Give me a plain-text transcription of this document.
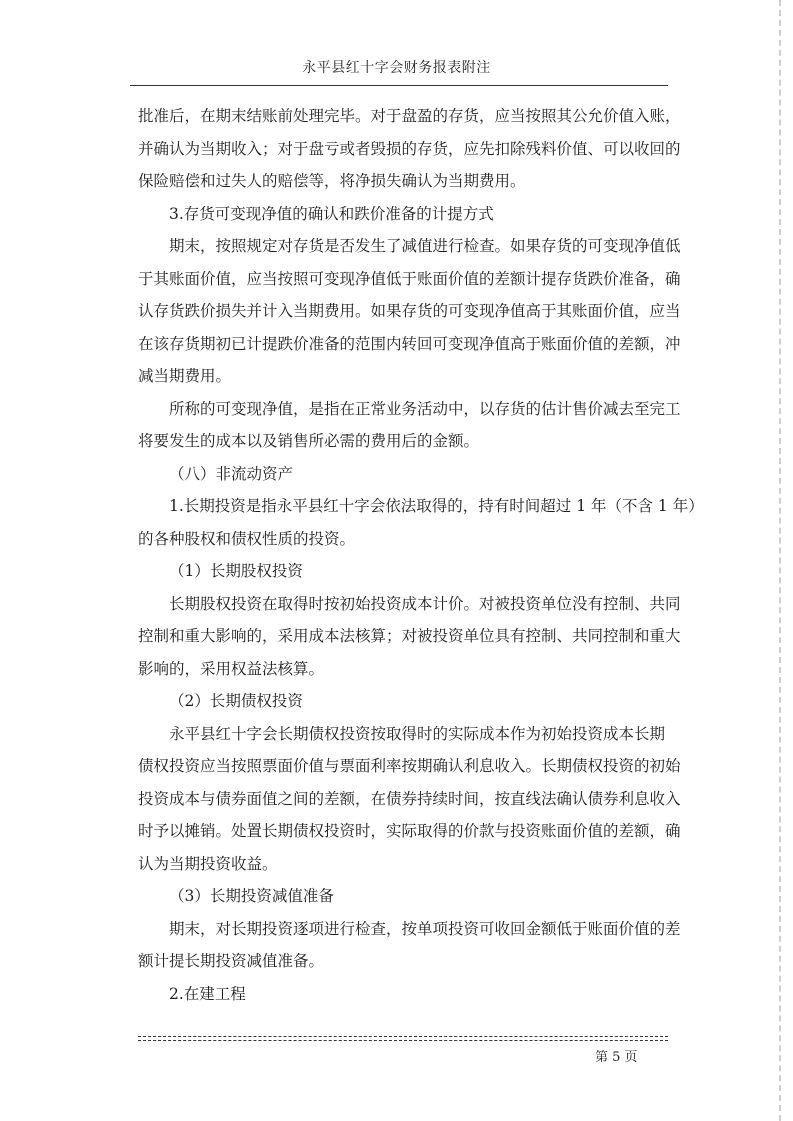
永平县红十字会财务报表附注
批准后，在期末结账前处理完毕。对于盘盈的存货，应当按照其公允价值入账，
并确认为当期收入；对于盘亏或者毁损的存货，应先扣除残料价值、可以收回的
保险赔偿和过失人的赔偿等，将净损失确认为当期费用。
3.存货可变现净值的确认和跌价准备的计提方式
期末，按照规定对存货是否发生了减值进行检查。如果存货的可变现净值低
于其账面价值，应当按照可变现净值低于账面价值的差额计提存货跌价准备，确
认存货跌价损失并计入当期费用。如果存货的可变现净值高于其账面价值，应当
在该存货期初已计提跌价准备的范围内转回可变现净值高于账面价值的差额，冲
减当期费用。
所称的可变现净值，是指在正常业务活动中，以存货的估计售价减去至完工
将要发生的成本以及销售所必需的费用后的金额。
（八）非流动资产
1.长期投资是指永平县红十字会依法取得的，持有时间超过 1 年（不含 1 年）
的各种股权和债权性质的投资。
（1）长期股权投资
长期股权投资在取得时按初始投资成本计价。对被投资单位没有控制、共同
控制和重大影响的，采用成本法核算；对被投资单位具有控制、共同控制和重大
影响的，采用权益法核算。
（2）长期债权投资
永平县红十字会长期债权投资按取得时的实际成本作为初始投资成本长期
债权投资应当按照票面价值与票面利率按期确认利息收入。长期债权投资的初始
投资成本与债券面值之间的差额，在债券持续时间，按直线法确认债券利息收入
时予以摊销。处置长期债权投资时，实际取得的价款与投资账面价值的差额，确
认为当期投资收益。
（3）长期投资减值准备
期末，对长期投资逐项进行检查，按单项投资可收回金额低于账面价值的差
额计提长期投资减值准备。
2.在建工程
第 5 页
